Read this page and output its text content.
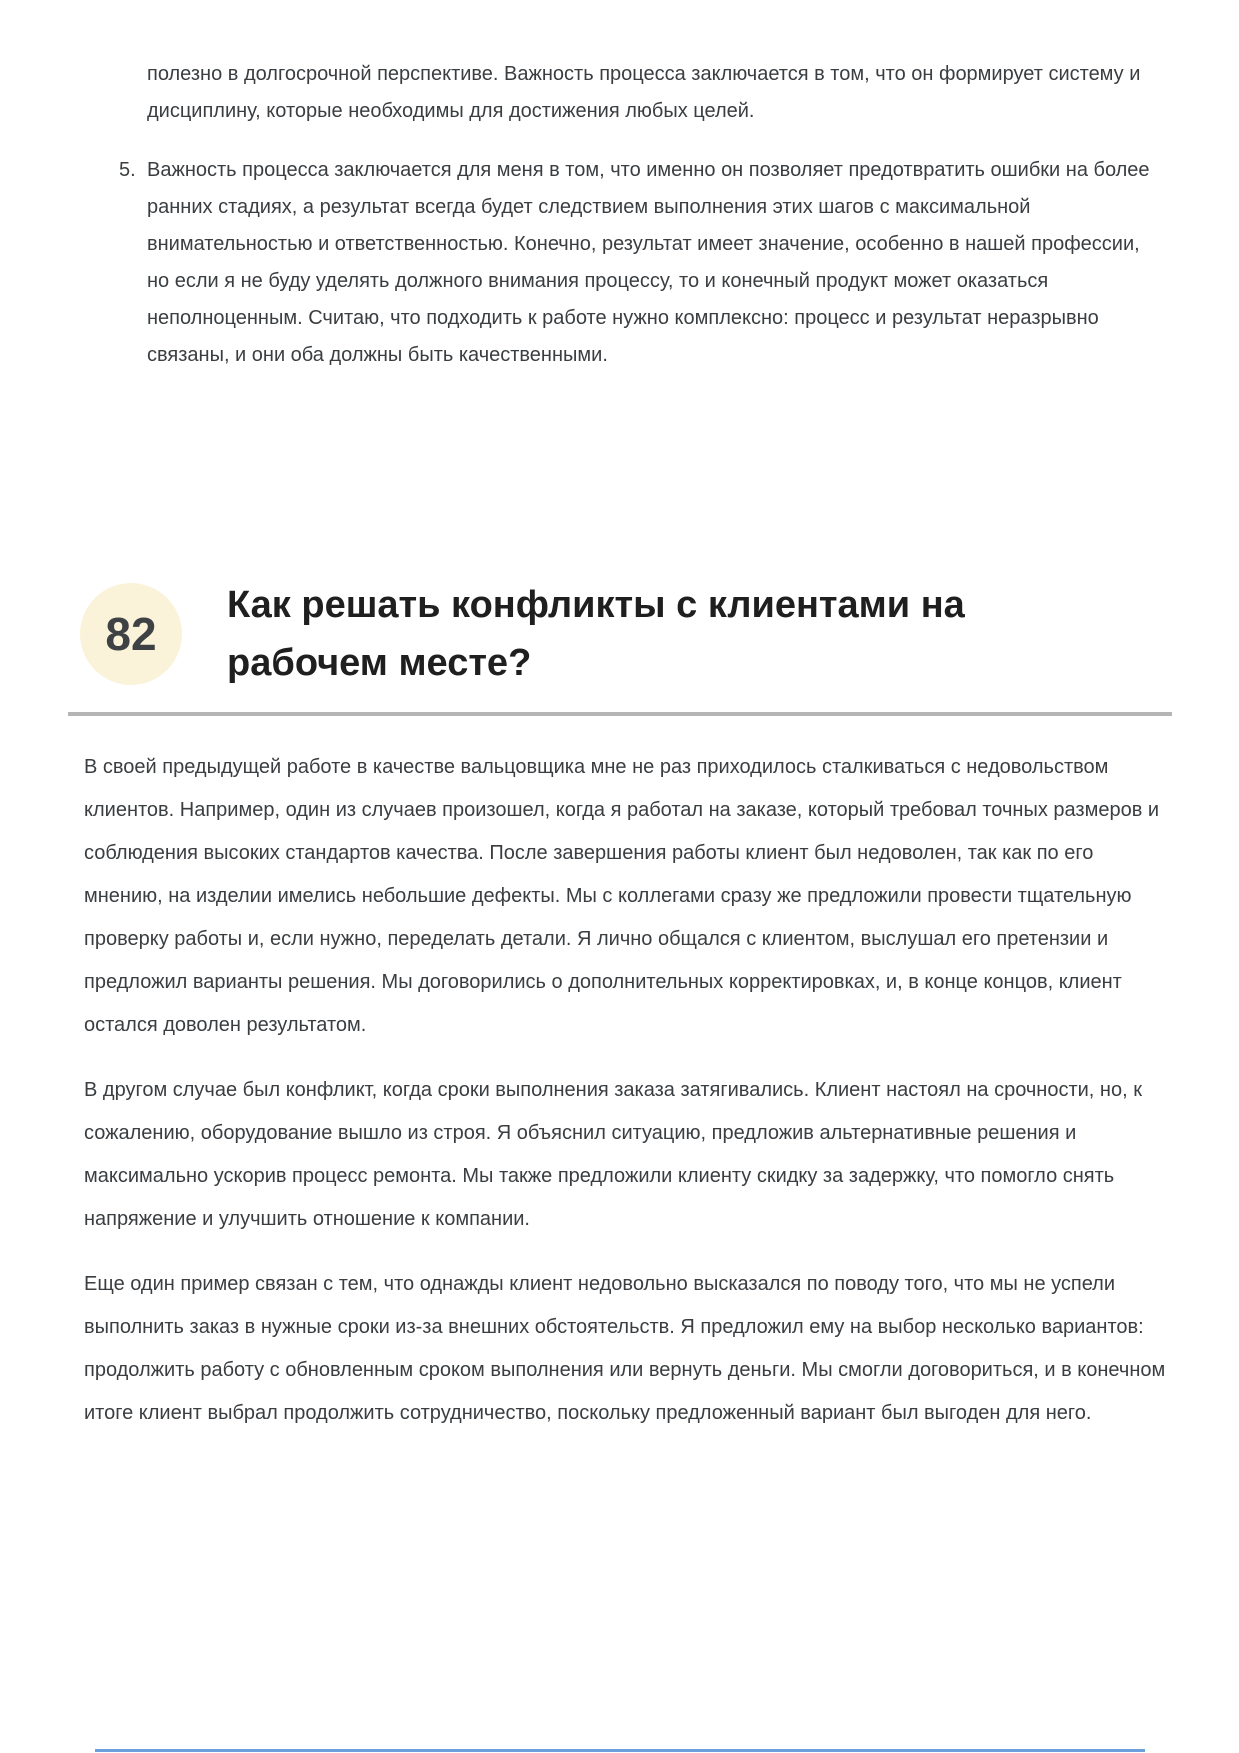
полезно в долгосрочной перспективе. Важность процесса заключается в том, что он формирует систему и дисциплину, которые необходимы для достижения любых целей.

5. Важность процесса заключается для меня в том, что именно он позволяет предотвратить ошибки на более ранних стадиях, а результат всегда будет следствием выполнения этих шагов с максимальной внимательностью и ответственностью. Конечно, результат имеет значение, особенно в нашей профессии, но если я не буду уделять должного внимания процессу, то и конечный продукт может оказаться неполноценным. Считаю, что подходить к работе нужно комплексно: процесс и результат неразрывно связаны, и они оба должны быть качественными.

82
Как решать конфликты с клиентами на рабочем месте?

В своей предыдущей работе в качестве вальцовщика мне не раз приходилось сталкиваться с недовольством клиентов. Например, один из случаев произошел, когда я работал на заказе, который требовал точных размеров и соблюдения высоких стандартов качества. После завершения работы клиент был недоволен, так как по его мнению, на изделии имелись небольшие дефекты. Мы с коллегами сразу же предложили провести тщательную проверку работы и, если нужно, переделать детали. Я лично общался с клиентом, выслушал его претензии и предложил варианты решения. Мы договорились о дополнительных корректировках, и, в конце концов, клиент остался доволен результатом.

В другом случае был конфликт, когда сроки выполнения заказа затягивались. Клиент настоял на срочности, но, к сожалению, оборудование вышло из строя. Я объяснил ситуацию, предложив альтернативные решения и максимально ускорив процесс ремонта. Мы также предложили клиенту скидку за задержку, что помогло снять напряжение и улучшить отношение к компании.

Еще один пример связан с тем, что однажды клиент недовольно высказался по поводу того, что мы не успели выполнить заказ в нужные сроки из-за внешних обстоятельств. Я предложил ему на выбор несколько вариантов: продолжить работу с обновленным сроком выполнения или вернуть деньги. Мы смогли договориться, и в конечном итоге клиент выбрал продолжить сотрудничество, поскольку предложенный вариант был выгоден для него.
